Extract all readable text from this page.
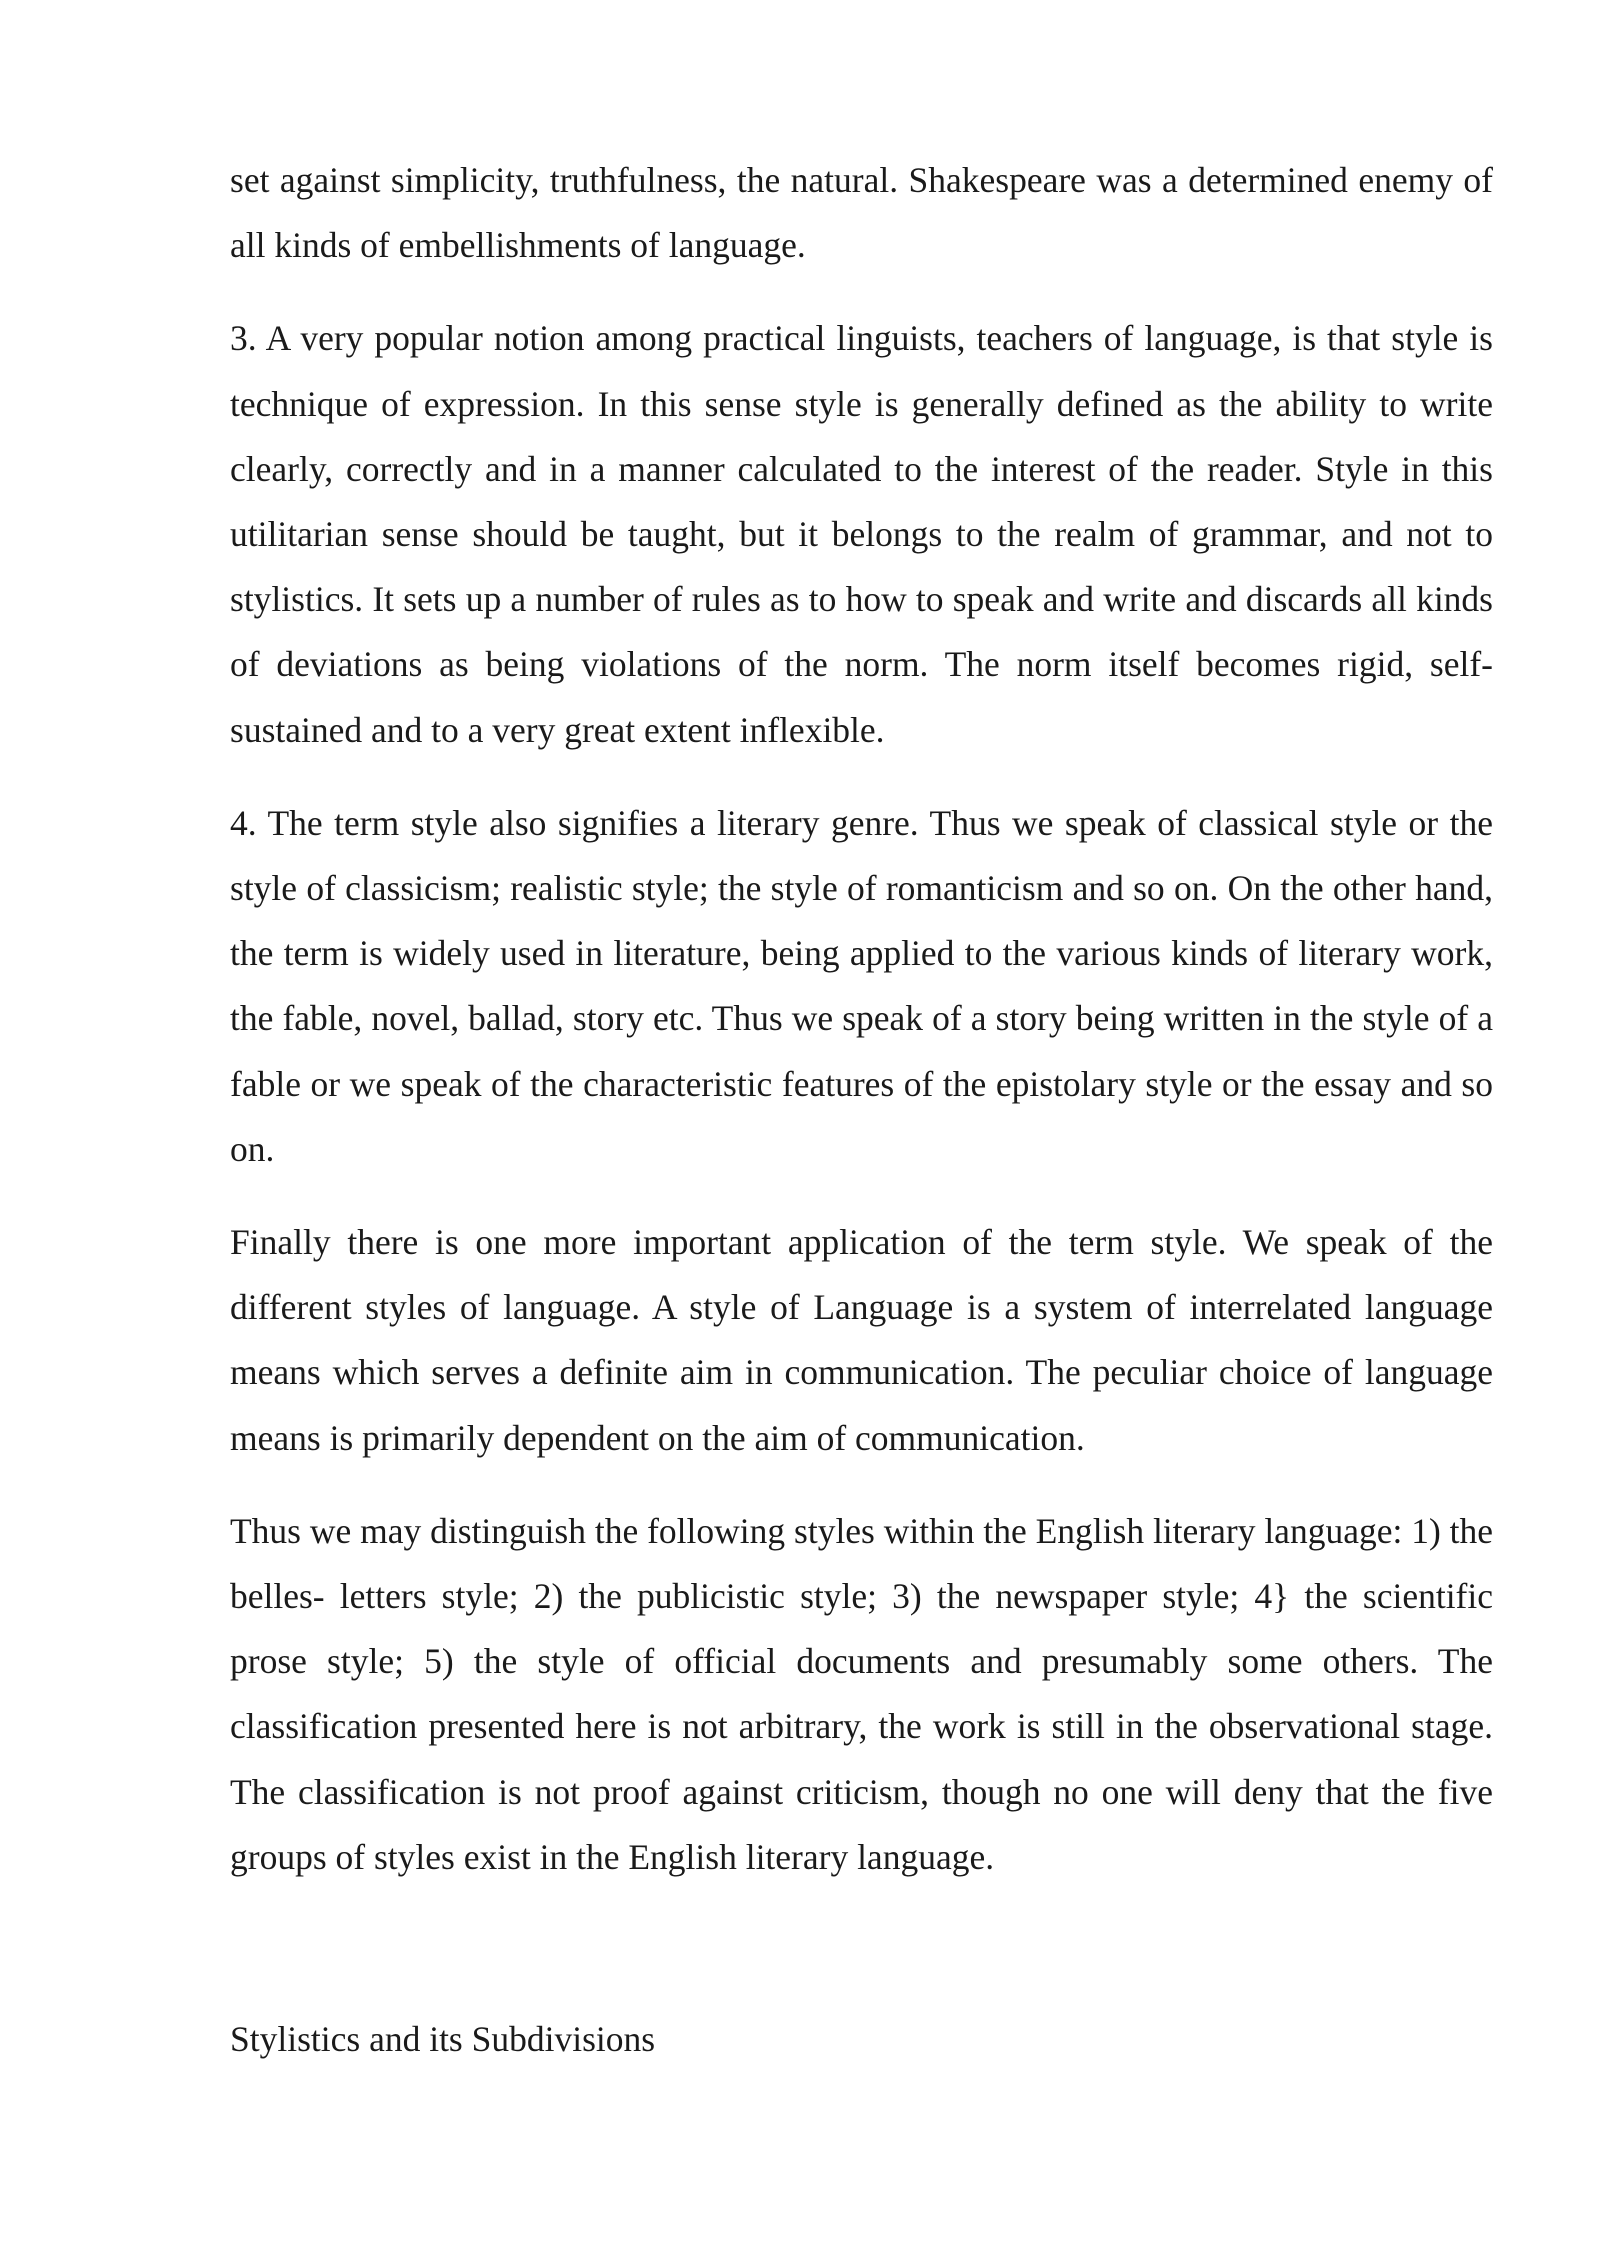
set against simplicity, truthfulness, the natural. Shakespeare was a determined enemy of all kinds of embellishments of language.

3. A very popular notion among practical linguists, teachers of language, is that style is technique of expression. In this sense style is generally defined as the ability to write clearly, correctly and in a manner calculated to the interest of the reader. Style in this utilitarian sense should be taught, but it belongs to the realm of grammar, and not to stylistics. It sets up a number of rules as to how to speak and write and discards all kinds of deviations as being violations of the norm. The norm itself becomes rigid, self-sustained and to a very great extent inflexible.

4. The term style also signifies a literary genre. Thus we speak of classical style or the style of classicism; realistic style; the style of romanticism and so on. On the other hand, the term is widely used in literature, being applied to the various kinds of literary work, the fable, novel, ballad, story etc. Thus we speak of a story being written in the style of a fable or we speak of the characteristic features of the epistolary style or the essay and so on.

Finally there is one more important application of the term style. We speak of the different styles of language. A style of Language is a system of interrelated language means which serves a definite aim in communication. The peculiar choice of language means is primarily dependent on the aim of communication.

Thus we may distinguish the following styles within the English literary language: 1) the belles- letters style; 2) the publicistic style; 3) the newspaper style; 4} the scientific prose style; 5) the style of official documents and presumably some others. The classification presented here is not arbitrary, the work is still in the observational stage. The classification is not proof against criticism, though no one will deny that the five groups of styles exist in the English literary language.

Stylistics and its Subdivisions
